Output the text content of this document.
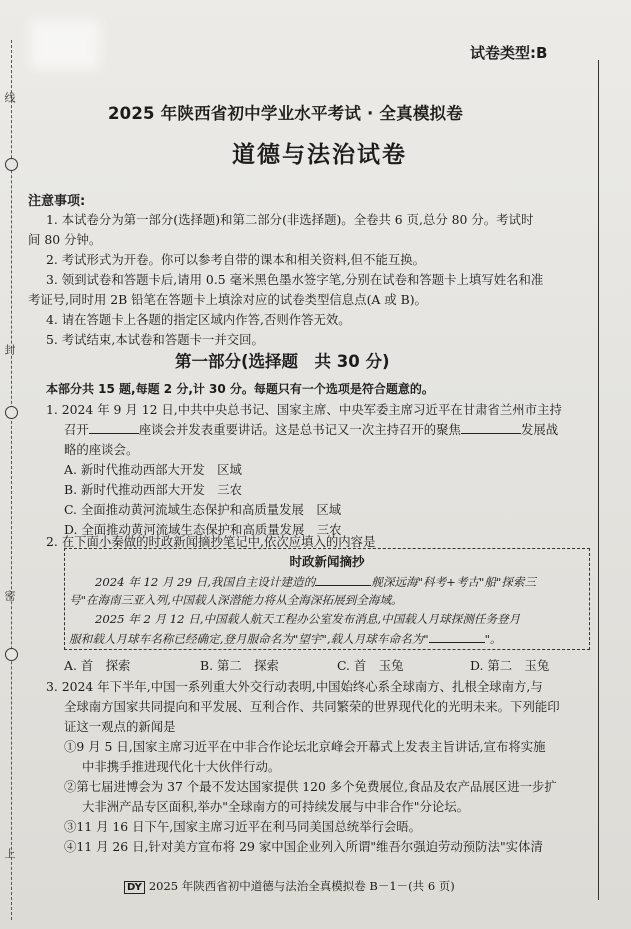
线
封
密
上
试卷类型:B
2025 年陕西省初中学业水平考试 · 全真模拟卷
道德与法治试卷
注意事项:
1. 本试卷分为第一部分(选择题)和第二部分(非选择题)。全卷共 6 页,总分 80 分。考试时
间 80 分钟。
2. 考试形式为开卷。你可以参考自带的课本和相关资料,但不能互换。
3. 领到试卷和答题卡后,请用 0.5 毫米黑色墨水签字笔,分别在试卷和答题卡上填写姓名和准
考证号,同时用 2B 铅笔在答题卡上填涂对应的试卷类型信息点(A 或 B)。
4. 请在答题卡上各题的指定区域内作答,否则作答无效。
5. 考试结束,本试卷和答题卡一并交回。
第一部分(选择题　共 30 分)
本部分共 15 题,每题 2 分,计 30 分。每题只有一个选项是符合题意的。
1. 2024 年 9 月 12 日,中共中央总书记、国家主席、中央军委主席习近平在甘肃省兰州市主持
召开	座谈会并发表重要讲话。这是总书记又一次主持召开的聚焦	发展战
略的座谈会。
A. 新时代推动西部大开发　区域
B. 新时代推动西部大开发　三农
C. 全面推动黄河流域生态保护和高质量发展　区域
D. 全面推动黄河流域生态保护和高质量发展　三农
2. 在下面小秦做的时政新闻摘抄笔记中,依次应填入的内容是
时政新闻摘抄
2024 年 12 月 29 日,我国自主设计建造的	舰深远海"科考+考古"船"探索三
号"在海南三亚入列,中国载人深潜能力将从全海深拓展到全海域。
2025 年 2 月 12 日,中国载人航天工程办公室发布消息,中国载人月球探测任务登月
服和载人月球车名称已经确定,登月服命名为"望宇",载人月球车命名为"	"。
A. 首　探索	B. 第二　探索	C. 首　玉兔	D. 第二　玉兔
3. 2024 年下半年,中国一系列重大外交行动表明,中国始终心系全球南方、扎根全球南方,与
全球南方国家共同提向和平发展、互利合作、共同繁荣的世界现代化的光明未来。下列能印
证这一观点的新闻是
①9 月 5 日,国家主席习近平在中非合作论坛北京峰会开幕式上发表主旨讲话,宣布将实施
中非携手推进现代化十大伙伴行动。
②第七届进博会为 37 个最不发达国家提供 120 多个免费展位,食品及农产品展区进一步扩
大非洲产品专区面积,举办"全球南方的可持续发展与中非合作"分论坛。
③11 月 16 日下午,国家主席习近平在利马同美国总统举行会晤。
④11 月 26 日,针对美方宣布将 29 家中国企业列入所谓"维吾尔强迫劳动预防法"实体清
DY 2025 年陕西省初中道德与法治全真模拟卷 B－1－(共 6 页)
